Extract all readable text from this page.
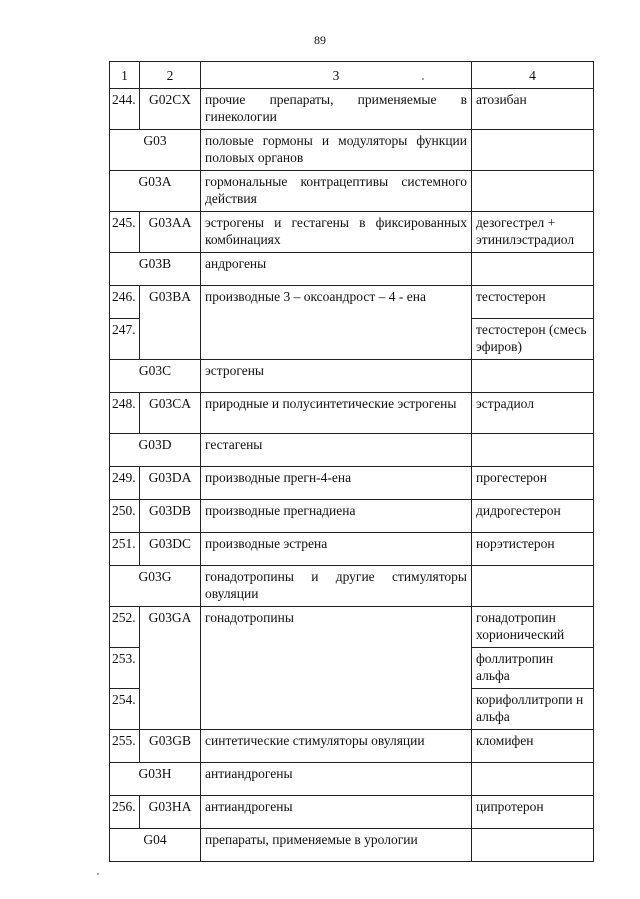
89
1	2	3	4
244.	G02CX	прочие препараты, применяемые в гинекологии	атозибан
G03		половые гормоны и модуляторы функции половых органов	
G03A		гормональные контрацептивы системного действия	
245.	G03AA	эстрогены и гестагены в фиксированных комбинациях	дезогестрел + этинилэстрадиол
G03B		андрогены	
246.	G03BA	производные 3 – оксоандрост – 4 - ена	тестостерон
247.			тестостерон (смесь эфиров)
G03C		эстрогены	
248.	G03CA	природные и полусинтетические эстрогены	эстрадиол
G03D		гестагены	
249.	G03DA	производные прегн-4-ена	прогестерон
250.	G03DB	производные прегнадиена	дидрогестерон
251.	G03DC	производные эстрена	норэтистерон
G03G		гонадотропины и другие стимуляторы овуляции	
252.	G03GA	гонадотропины	гонадотропин хорионический
253.			фоллитропин альфа
254.			корифоллитропи н альфа
255.	G03GB	синтетические стимуляторы овуляции	кломифен
G03H		антиандрогены	
256.	G03HA	антиандрогены	ципротерон
G04		препараты, применяемые в урологии	
